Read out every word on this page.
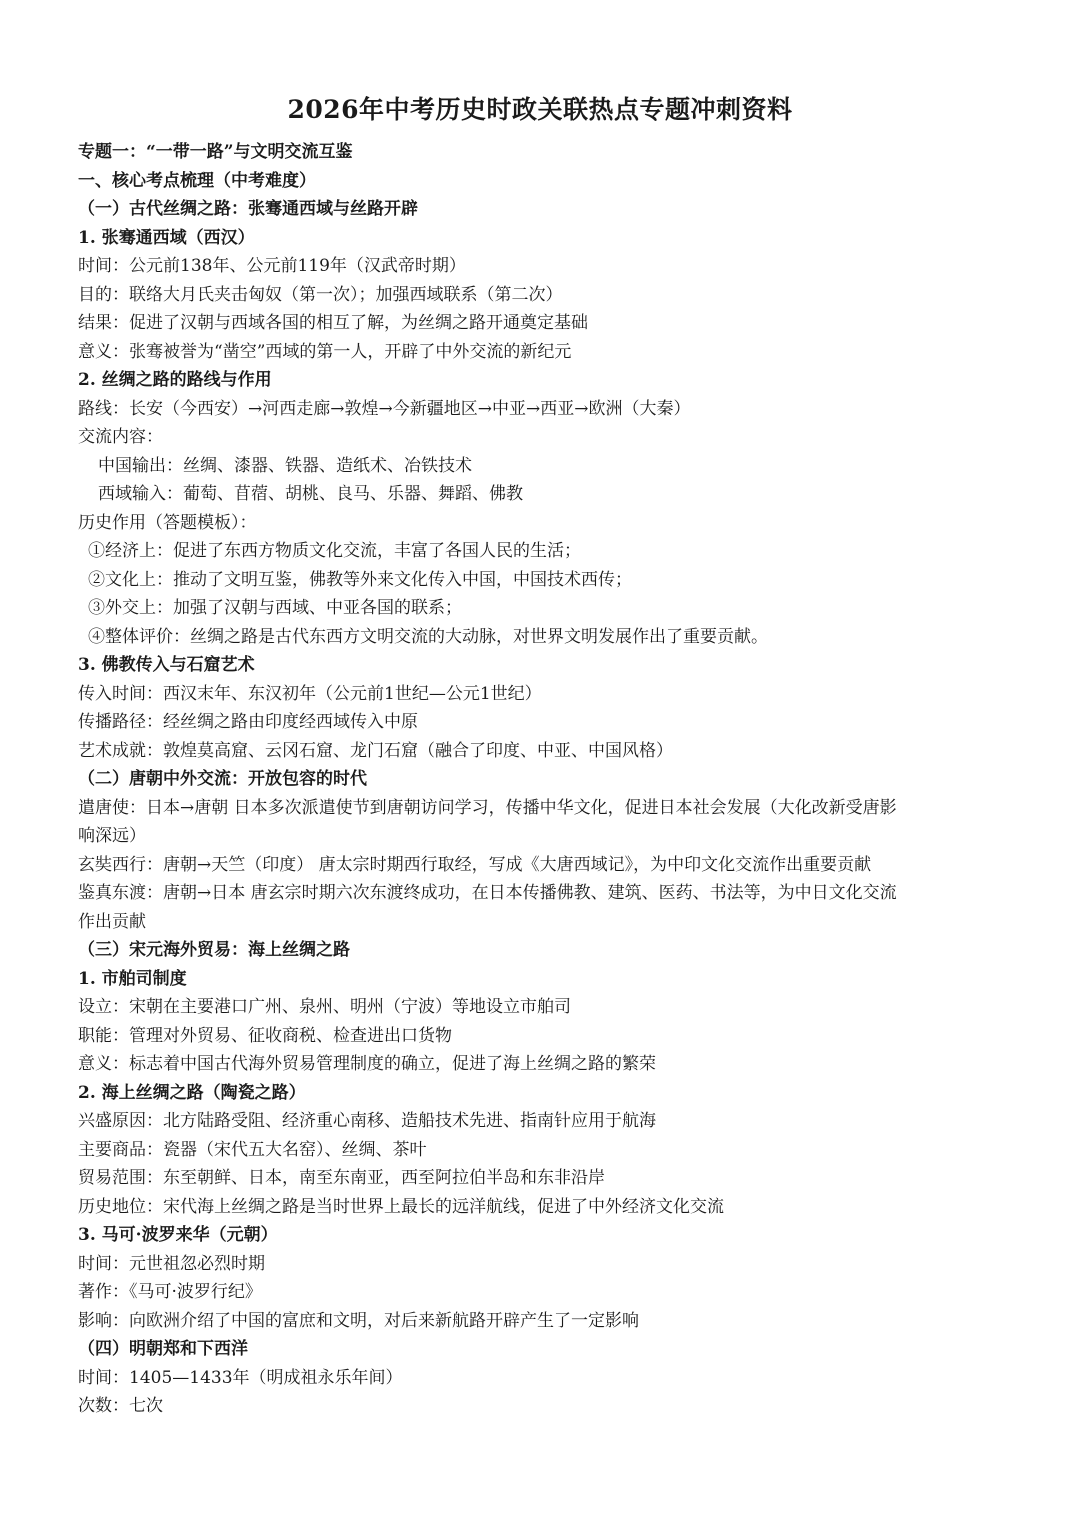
2026年中考历史时政关联热点专题冲刺资料
专题一：“一带一路”与文明交流互鉴
一、核心考点梳理（中考难度）
（一）古代丝绸之路：张骞通西域与丝路开辟
1. 张骞通西域（西汉）
时间：公元前138年、公元前119年（汉武帝时期）
目的：联络大月氏夹击匈奴（第一次）；加强西域联系（第二次）
结果：促进了汉朝与西域各国的相互了解，为丝绸之路开通奠定基础
意义：张骞被誉为“凿空”西域的第一人，开辟了中外交流的新纪元
2. 丝绸之路的路线与作用
路线：长安（今西安）→河西走廊→敦煌→今新疆地区→中亚→西亚→欧洲（大秦）
交流内容：
中国输出：丝绸、漆器、铁器、造纸术、冶铁技术
西域输入：葡萄、苜蓿、胡桃、良马、乐器、舞蹈、佛教
历史作用（答题模板）：
①经济上：促进了东西方物质文化交流，丰富了各国人民的生活；
②文化上：推动了文明互鉴，佛教等外来文化传入中国，中国技术西传；
③外交上：加强了汉朝与西域、中亚各国的联系；
④整体评价：丝绸之路是古代东西方文明交流的大动脉，对世界文明发展作出了重要贡献。
3. 佛教传入与石窟艺术
传入时间：西汉末年、东汉初年（公元前1世纪—公元1世纪）
传播路径：经丝绸之路由印度经西域传入中原
艺术成就：敦煌莫高窟、云冈石窟、龙门石窟（融合了印度、中亚、中国风格）
（二）唐朝中外交流：开放包容的时代
遣唐使：日本→唐朝 日本多次派遣使节到唐朝访问学习，传播中华文化，促进日本社会发展（大化改新受唐影
响深远）
玄奘西行：唐朝→天竺（印度） 唐太宗时期西行取经，写成《大唐西域记》，为中印文化交流作出重要贡献
鉴真东渡：唐朝→日本 唐玄宗时期六次东渡终成功，在日本传播佛教、建筑、医药、书法等，为中日文化交流
作出贡献
（三）宋元海外贸易：海上丝绸之路
1. 市舶司制度
设立：宋朝在主要港口广州、泉州、明州（宁波）等地设立市舶司
职能：管理对外贸易、征收商税、检查进出口货物
意义：标志着中国古代海外贸易管理制度的确立，促进了海上丝绸之路的繁荣
2. 海上丝绸之路（陶瓷之路）
兴盛原因：北方陆路受阻、经济重心南移、造船技术先进、指南针应用于航海
主要商品：瓷器（宋代五大名窑）、丝绸、茶叶
贸易范围：东至朝鲜、日本，南至东南亚，西至阿拉伯半岛和东非沿岸
历史地位：宋代海上丝绸之路是当时世界上最长的远洋航线，促进了中外经济文化交流
3. 马可·波罗来华（元朝）
时间：元世祖忽必烈时期
著作：《马可·波罗行纪》
影响：向欧洲介绍了中国的富庶和文明，对后来新航路开辟产生了一定影响
（四）明朝郑和下西洋
时间：1405—1433年（明成祖永乐年间）
次数：七次
